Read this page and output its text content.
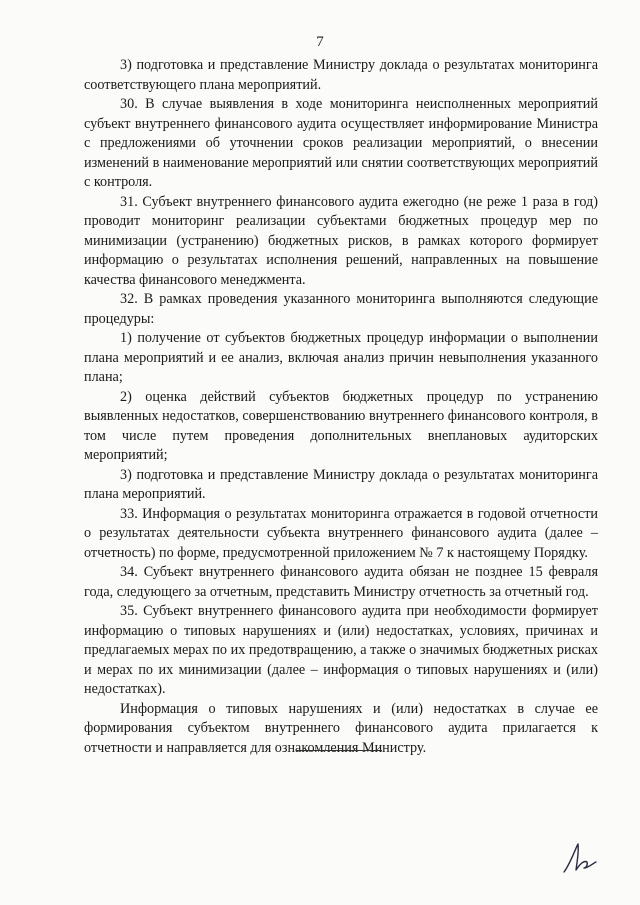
7

3) подготовка и представление Министру доклада о результатах мониторинга соответствующего плана мероприятий.

30. В случае выявления в ходе мониторинга неисполненных мероприятий субъект внутреннего финансового аудита осуществляет информирование Министра с предложениями об уточнении сроков реализации мероприятий, о внесении изменений в наименование мероприятий или снятии соответствующих мероприятий с контроля.

31. Субъект внутреннего финансового аудита ежегодно (не реже 1 раза в год) проводит мониторинг реализации субъектами бюджетных процедур мер по минимизации (устранению) бюджетных рисков, в рамках которого формирует информацию о результатах исполнения решений, направленных на повышение качества финансового менеджмента.

32. В рамках проведения указанного мониторинга выполняются следующие процедуры:

1) получение от субъектов бюджетных процедур информации о выполнении плана мероприятий и ее анализ, включая анализ причин невыполнения указанного плана;

2) оценка действий субъектов бюджетных процедур по устранению выявленных недостатков, совершенствованию внутреннего финансового контроля, в том числе путем проведения дополнительных внеплановых аудиторских мероприятий;

3) подготовка и представление Министру доклада о результатах мониторинга плана мероприятий.

33. Информация о результатах мониторинга отражается в годовой отчетности о результатах деятельности субъекта внутреннего финансового аудита (далее – отчетность) по форме, предусмотренной приложением № 7 к настоящему Порядку.

34. Субъект внутреннего финансового аудита обязан не позднее 15 февраля года, следующего за отчетным, представить Министру отчетность за отчетный год.

35. Субъект внутреннего финансового аудита при необходимости формирует информацию о типовых нарушениях и (или) недостатках, условиях, причинах и предлагаемых мерах по их предотвращению, а также о значимых бюджетных рисках и мерах по их минимизации (далее – информация о типовых нарушениях и (или) недостатках).

Информация о типовых нарушениях и (или) недостатках в случае ее формирования субъектом внутреннего финансового аудита прилагается к отчетности и направляется для ознакомления Министру.
